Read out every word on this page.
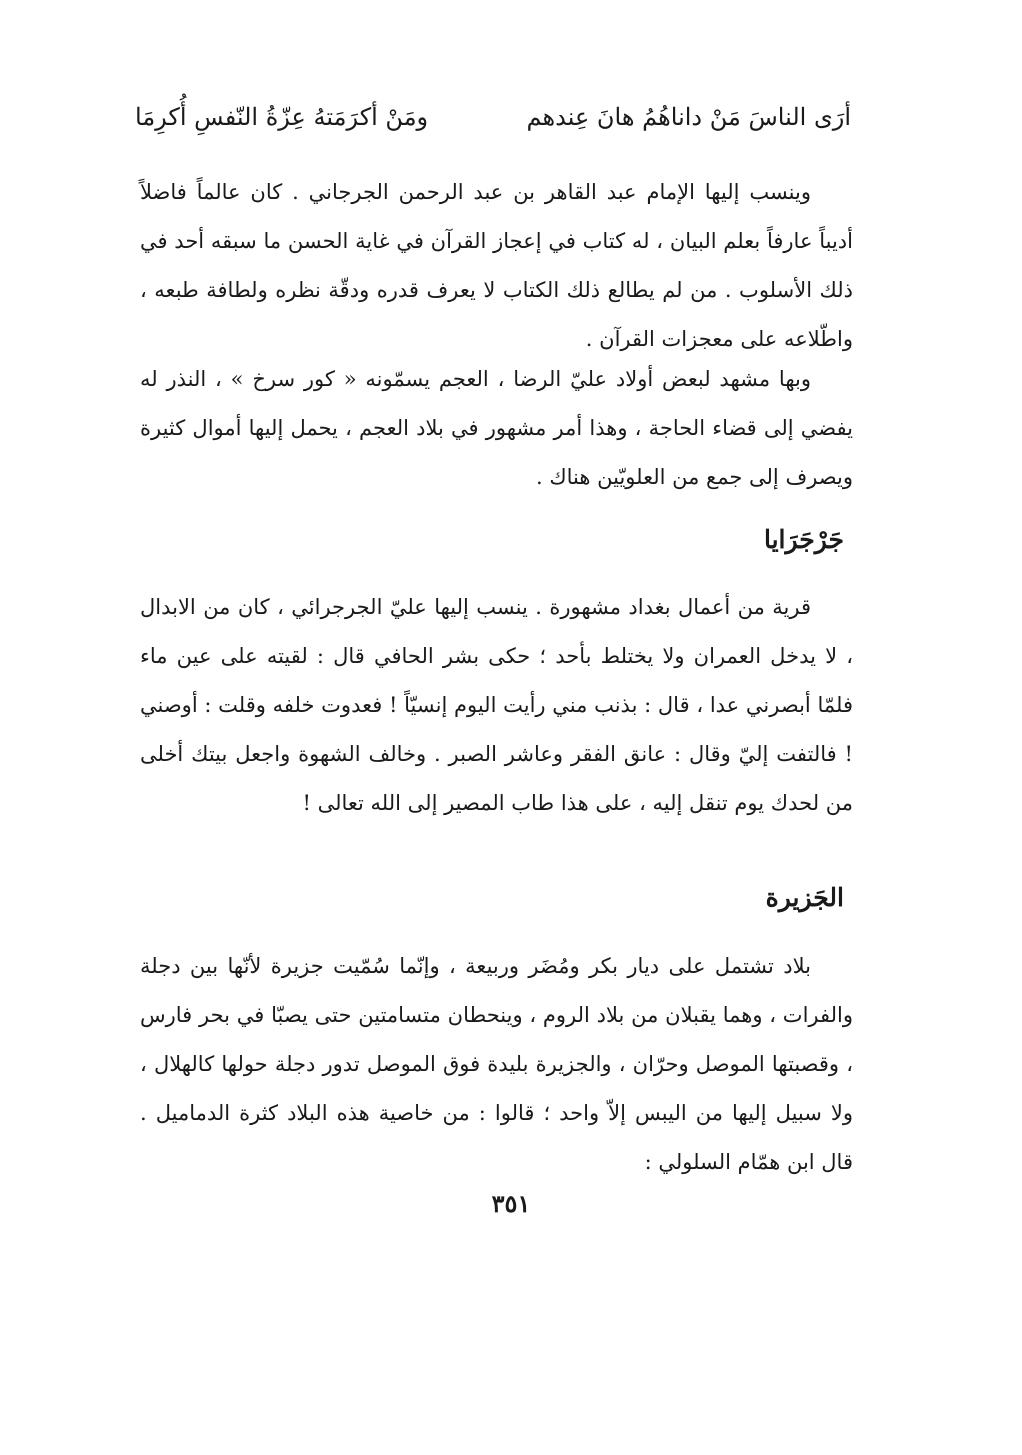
أرَى الناسَ مَنْ داناهُمُ هانَ عِندهم
ومَنْ أكرَمَتهُ عِزّةُ النّفسِ أُكرِمَا

وينسب إليها الإمام عبد القاهر بن عبد الرحمن الجرجاني . كان عالماً فاضلاً أديباً عارفاً بعلم البيان ، له كتاب في إعجاز القرآن في غاية الحسن ما سبقه أحد في ذلك الأسلوب . من لم يطالع ذلك الكتاب لا يعرف قدره ودقّة نظره ولطافة طبعه ، واطّلاعه على معجزات القرآن .

وبها مشهد لبعض أولاد عليّ الرضا ، العجم يسمّونه « كور سرخ » ، النذر له يفضي إلى قضاء الحاجة ، وهذا أمر مشهور في بلاد العجم ، يحمل إليها أموال كثيرة ويصرف إلى جمع من العلويّين هناك .

جَرْجَرَايا

قرية من أعمال بغداد مشهورة . ينسب إليها عليّ الجرجرائي ، كان من الابدال ، لا يدخل العمران ولا يختلط بأحد ؛ حكى بشر الحافي قال : لقيته على عين ماء فلمّا أبصرني عدا ، قال : بذنب مني رأيت اليوم إنسيّاً ! فعدوت خلفه وقلت : أوصني ! فالتفت إليّ وقال : عانق الفقر وعاشر الصبر . وخالف الشهوة واجعل بيتك أخلى من لحدك يوم تنقل إليه ، على هذا طاب المصير إلى الله تعالى !

الجَزيرة

بلاد تشتمل على ديار بكر ومُضَر وربيعة ، وإنّما سُمّيت جزيرة لأنّها بين دجلة والفرات ، وهما يقبلان من بلاد الروم ، وينحطان متسامتين حتى يصبّا في بحر فارس ، وقصبتها الموصل وحرّان ، والجزيرة بليدة فوق الموصل تدور دجلة حولها كالهلال ، ولا سبيل إليها من اليبس إلاّ واحد ؛ قالوا : من خاصية هذه البلاد كثرة الدماميل . قال ابن همّام السلولي :

٣٥١
